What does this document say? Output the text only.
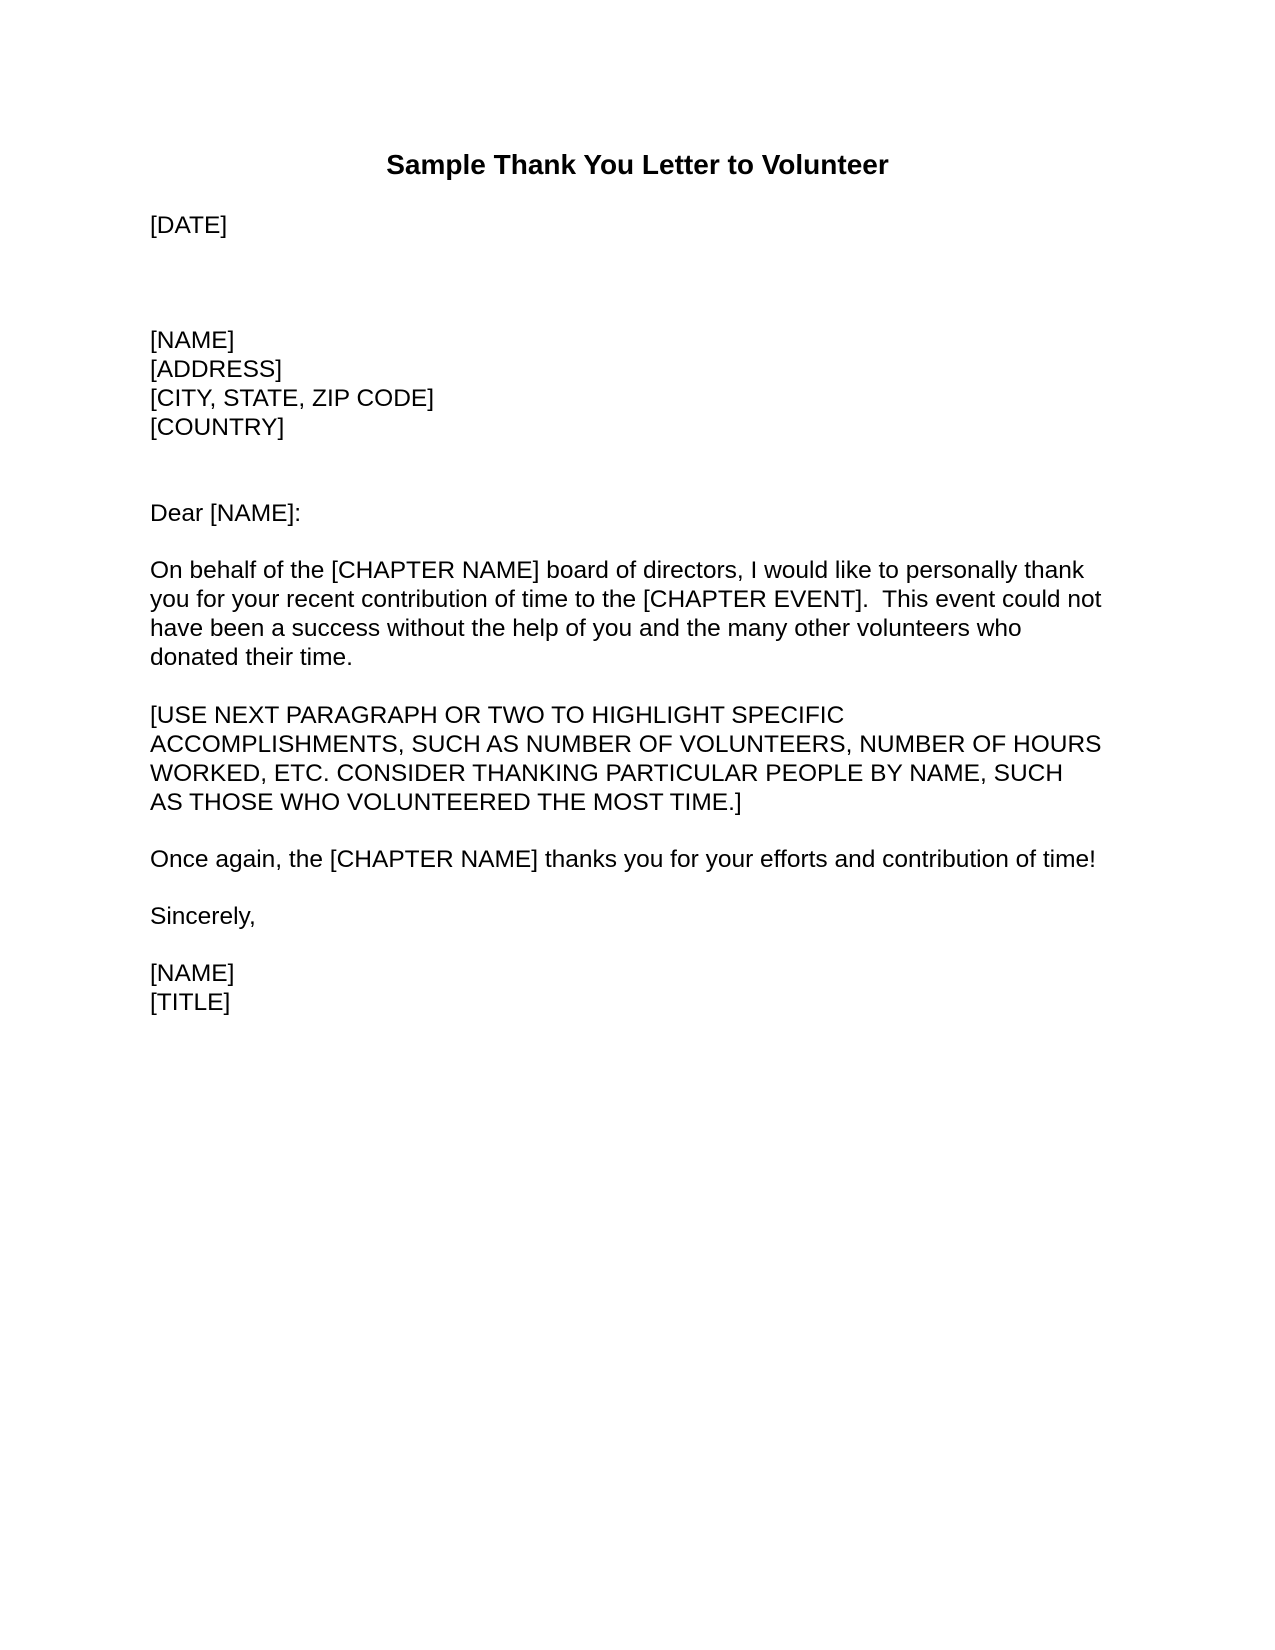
Sample Thank You Letter to Volunteer

[DATE]

[NAME]
[ADDRESS]
[CITY, STATE, ZIP CODE]
[COUNTRY]

Dear [NAME]:

On behalf of the [CHAPTER NAME] board of directors, I would like to personally thank
you for your recent contribution of time to the [CHAPTER EVENT].  This event could not
have been a success without the help of you and the many other volunteers who
donated their time.
[USE NEXT PARAGRAPH OR TWO TO HIGHLIGHT SPECIFIC
ACCOMPLISHMENTS, SUCH AS NUMBER OF VOLUNTEERS, NUMBER OF HOURS
WORKED, ETC. CONSIDER THANKING PARTICULAR PEOPLE BY NAME, SUCH
AS THOSE WHO VOLUNTEERED THE MOST TIME.]

Once again, the [CHAPTER NAME] thanks you for your efforts and contribution of time!

Sincerely,

[NAME]
[TITLE]
